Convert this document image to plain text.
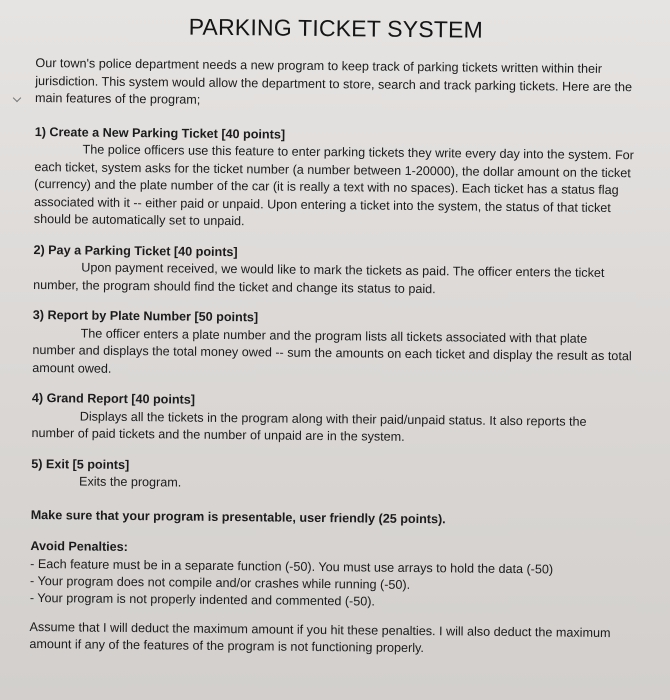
PARKING TICKET SYSTEM

Our town's police department needs a new program to keep track of parking tickets written within their jurisdiction. This system would allow the department to store, search and track parking tickets. Here are the main features of the program;

1) Create a New Parking Ticket [40 points]

The police officers use this feature to enter parking tickets they write every day into the system. For each ticket, system asks for the ticket number (a number between 1-20000), the dollar amount on the ticket (currency) and the plate number of the car (it is really a text with no spaces). Each ticket has a status flag associated with it -- either paid or unpaid. Upon entering a ticket into the system, the status of that ticket should be automatically set to unpaid.

2) Pay a Parking Ticket [40 points]

Upon payment received, we would like to mark the tickets as paid. The officer enters the ticket number, the program should find the ticket and change its status to paid.

3) Report by Plate Number [50 points]

The officer enters a plate number and the program lists all tickets associated with that plate number and displays the total money owed -- sum the amounts on each ticket and display the result as total amount owed.

4) Grand Report [40 points]

Displays all the tickets in the program along with their paid/unpaid status. It also reports the number of paid tickets and the number of unpaid are in the system.

5) Exit [5 points]

Exits the program.

Make sure that your program is presentable, user friendly (25 points).

Avoid Penalties:

- Each feature must be in a separate function (-50). You must use arrays to hold the data (-50)

- Your program does not compile and/or crashes while running (-50).

- Your program is not properly indented and commented (-50).

Assume that I will deduct the maximum amount if you hit these penalties. I will also deduct the maximum amount if any of the features of the program is not functioning properly.
